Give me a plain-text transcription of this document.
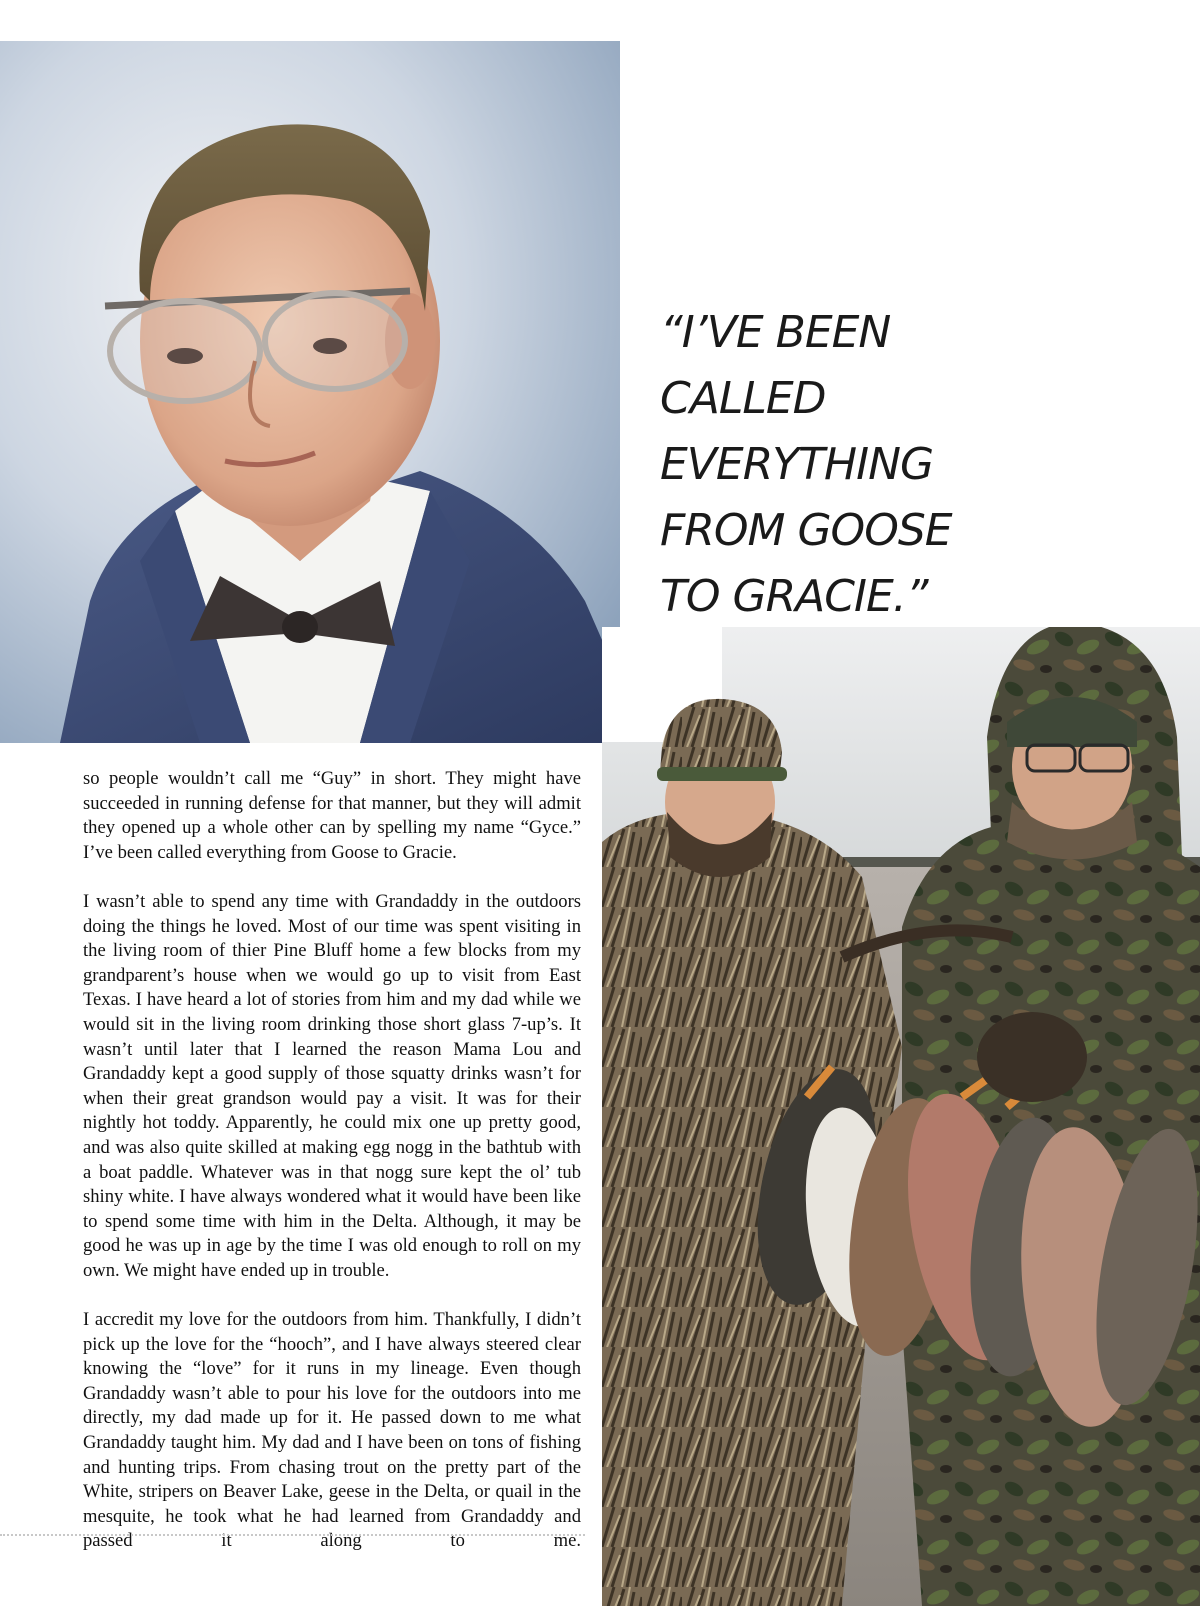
“I’VE BEEN
CALLED
EVERYTHING
FROM GOOSE
TO GRACIE.”

so people wouldn’t call me “Guy” in short. They might have succeeded in running defense for that manner, but they will admit they opened up a whole other can by spelling my name “Gyce.” I’ve been called everything from Goose to Gracie.

I wasn’t able to spend any time with Grandaddy in the outdoors doing the things he loved. Most of our time was spent visiting in the living room of thier Pine Bluff home a few blocks from my grandparent’s house when we would go up to visit from East Texas. I have heard a lot of stories from him and my dad while we would sit in the living room drinking those short glass 7-up’s. It wasn’t until later that I learned the reason Mama Lou and Grandaddy kept a good supply of those squatty drinks wasn’t for when their great grandson would pay a visit. It was for their nightly hot toddy. Apparently, he could mix one up pretty good, and was also quite skilled at making egg nogg in the bathtub with a boat paddle. Whatever was in that nogg sure kept the ol’ tub shiny white. I have always wondered what it would have been like to spend some time with him in the Delta. Although, it may be good he was up in age by the time I was old enough to roll on my own. We might have ended up in trouble.

I accredit my love for the outdoors from him. Thankfully, I didn’t pick up the love for the “hooch”, and I have always steered clear knowing the “love” for it runs in my lineage. Even though Grandaddy wasn’t able to pour his love for the outdoors into me directly, my dad made up for it. He passed down to me what Grandaddy taught him. My dad and I have been on tons of fishing and hunting trips. From chasing trout on the pretty part of the White, stripers on Beaver Lake, geese in the Delta, or quail in the mesquite, he took what he had learned from Grandaddy and passed it along to me.
